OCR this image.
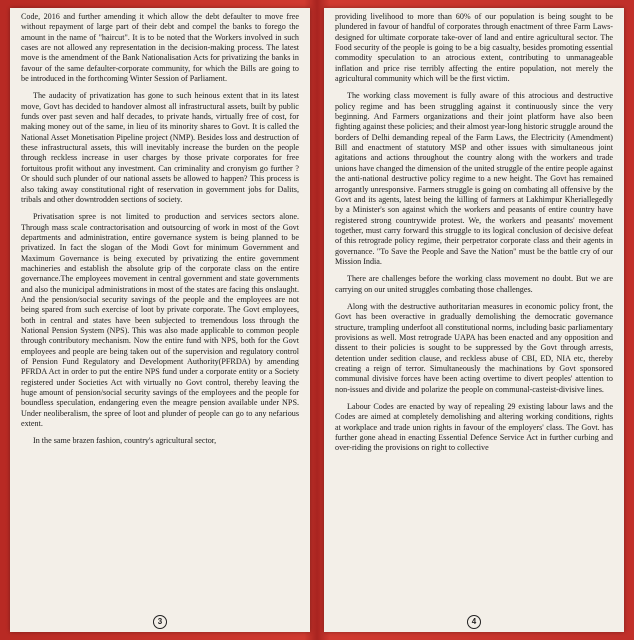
Code, 2016 and further amending it which allow the debt defaulter to move free without repayment of large part of their debt and compel the banks to forego the amount in the name of "haircut". It is to be noted that the Workers involved in such cases are not allowed any representation in the decision-making process. The latest move is the amendment of the Bank Nationalisation Acts for privatizing the banks in favour of the same defaulter-corporate community, for which the Bills are going to be introduced in the forthcoming Winter Session of Parliament.

The audacity of privatization has gone to such heinous extent that in its latest move, Govt has decided to handover almost all infrastructural assets, built by public funds over past seven and half decades, to private hands, virtually free of cost, for making money out of the same, in lieu of its minority shares to Govt. It is called the National Asset Monetisation Pipeline project (NMP). Besides loss and destruction of these infrastructural assets, this will inevitably increase the burden on the people through reckless increase in user charges by those private corporates for free fortuitous profit without any investment. Can criminality and cronyism go further ? Or should such plunder of our national assets be allowed to happen? This process is also taking away constitutional right of reservation in government jobs for Dalits, tribals and other downtrodden sections of society.

Privatisation spree is not limited to production and services sectors alone. Through mass scale contractorisation and outsourcing of work in most of the Govt departments and administration, entire governance system is being planned to be privatized. In fact the slogan of the Modi Govt for minimum Government and Maximum Governance is being executed by privatizing the entire government machineries and establish the absolute grip of the corporate class on the entire governance.The employees movement in central government and state governments and also the municipal administrations in most of the states are facing this onslaught. And the pension/social security savings of the people and the employees are not being spared from such exercise of loot by private corporate. The Govt employees, both in central and states have been subjected to tremendous loss through the National Pension System (NPS). This was also made applicable to common people through contributory mechanism. Now the entire fund with NPS, both for the Govt employees and people are being taken out of the supervision and regulatory control of Pension Fund Regulatory and Development Authority(PFRDA) by amending PFRDA Act in order to put the entire NPS fund under a corporate entity or a Society registered under Societies Act with virtually no Govt control, thereby leaving the huge amount of pension/social security savings of the employees and the people for boundless speculation, endangering even the meagre pension available under NPS. Under neoliberalism, the spree of loot and plunder of people can go to any nefarious extent.

In the same brazen fashion, country's agricultural sector,

3

providing livelihood to more than 60% of our population is being sought to be plundered in favour of handful of corporates through enactment of three Farm Laws- designed for ultimate corporate take-over of land and entire agricultural sector. The Food security of the people is going to be a big casualty, besides promoting essential commodity speculation to an atrocious extent, contributing to unmanageable inflation and price rise terribly affecting the entire population, not merely the agricultural community which will be the first victim.

The working class movement is fully aware of this atrocious and destructive policy regime and has been struggling against it continuously since the very beginning. And Farmers organizations and their joint platform have also been fighting against these policies; and their almost year-long historic struggle around the borders of Delhi demanding repeal of the Farm Laws, the Electricity (Amendment) Bill and enactment of statutory MSP and other issues with simultaneous joint agitations and actions throughout the country along with the workers and trade unions have changed the dimension of the united struggle of the entire people against the anti-national destructive policy regime to a new height. The Govt has remained arrogantly unresponsive. Farmers struggle is going on combating all offensive by the Govt and its agents, latest being the killing of farmers at Lakhimpur Kheriallegedly by a Minister's son against which the workers and peasants of entire country have registered strong countrywide protest. We, the workers and peasants' movement together, must carry forward this struggle to its logical conclusion of decisive defeat of this retrograde policy regime, their perpetrator corporate class and their agents in governance. "To Save the People and Save the Nation" must be the battle cry of our Mission India.

There are challenges before the working class movement no doubt. But we are carrying on our united struggles combating those challenges.

Along with the destructive authoritarian measures in economic policy front, the Govt has been overactive in gradually demolishing the democratic governance structure, trampling underfoot all constitutional norms, including basic parliamentary provisions as well. Most retrograde UAPA has been enacted and any opposition and dissent to their policies is sought to be suppressed by the Govt through arrests, detention under sedition clause, and reckless abuse of CBI, ED, NIA etc, thereby creating a reign of terror. Simultaneously the machinations by Govt sponsored communal divisive forces have been acting overtime to divert peoples' attention to non-issues and divide and polarize the people on communal-casteist-divisive lines.

Labour Codes are enacted by way of repealing 29 existing labour laws and the Codes are aimed at completely demolishing and altering working conditions, rights at workplace and trade union rights in favour of the employers' class. The Govt. has further gone ahead in enacting Essential Defence Service Act in further curbing and over-riding the provisions on right to collective

4
